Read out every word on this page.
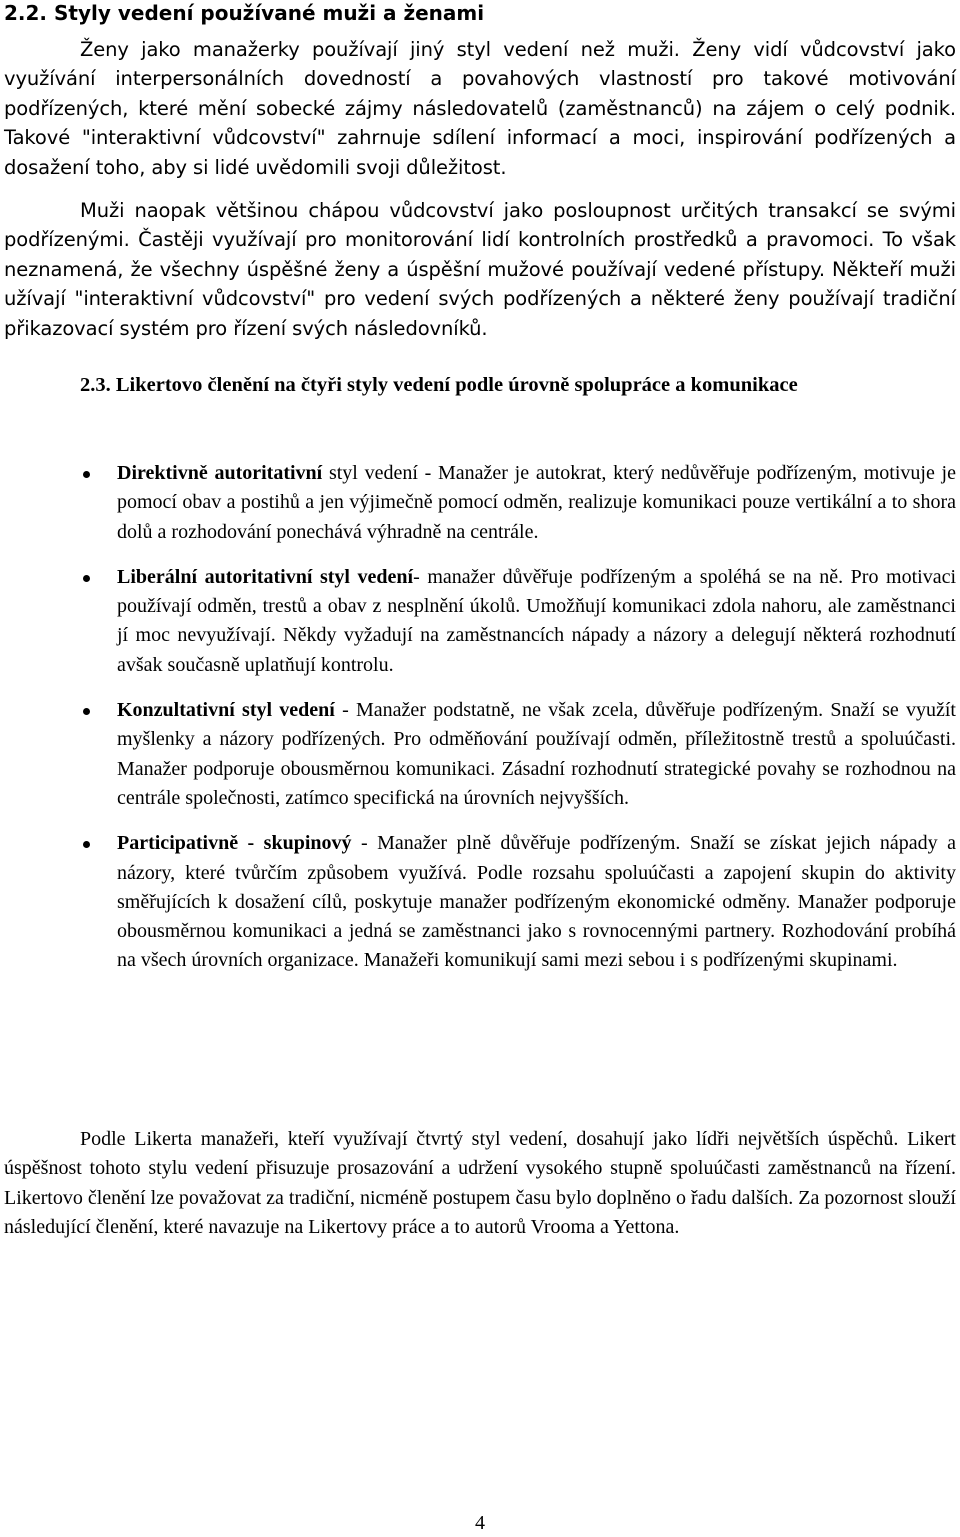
2.2. Styly vedení používané muži a ženami

Ženy jako manažerky používají jiný styl vedení než muži. Ženy vidí vůdcovství jako využívání interpersonálních dovedností a povahových vlastností pro takové motivování podřízených, které mění sobecké zájmy následovatelů (zaměstnanců) na zájem o celý podnik. Takové "interaktivní vůdcovství" zahrnuje sdílení informací a moci, inspirování podřízených a dosažení toho, aby si lidé uvědomili svoji důležitost.

Muži naopak většinou chápou vůdcovství jako posloupnost určitých transakcí se svými podřízenými. Častěji využívají pro monitorování lidí kontrolních prostředků a pravomoci. To však neznamená, že všechny úspěšné ženy a úspěšní mužové používají vedené přístupy. Někteří muži užívají "interaktivní vůdcovství" pro vedení svých podřízených a některé ženy používají tradiční přikazovací systém pro řízení svých následovníků.

2.3. Likertovo členění na čtyři styly vedení podle úrovně spolupráce a komunikace
Direktivně autoritativní styl vedení - Manažer je autokrat, který nedůvěřuje podřízeným, motivuje je pomocí obav a postihů a jen výjimečně pomocí odměn, realizuje komunikaci pouze vertikální a to shora dolů a rozhodování ponechává výhradně na centrále.
Liberální autoritativní styl vedení- manažer důvěřuje podřízeným a spoléhá se na ně. Pro motivaci používají odměn, trestů a obav z nesplnění úkolů. Umožňují komunikaci zdola nahoru, ale zaměstnanci jí moc nevyužívají. Někdy vyžadují na zaměstnancích nápady a názory a delegují některá rozhodnutí avšak současně uplatňují kontrolu.
Konzultativní styl vedení - Manažer podstatně, ne však zcela, důvěřuje podřízeným. Snaží se využít myšlenky a názory podřízených. Pro odměňování používají odměn, příležitostně trestů a spoluúčasti. Manažer podporuje obousměrnou komunikaci. Zásadní rozhodnutí strategické povahy se rozhodnou na centrále společnosti, zatímco specifická na úrovních nejvyšších.
Participativně - skupinový - Manažer plně důvěřuje podřízeným. Snaží se získat jejich nápady a názory, které tvůrčím způsobem využívá. Podle rozsahu spoluúčasti a zapojení skupin do aktivity směřujících k dosažení cílů, poskytuje manažer podřízeným ekonomické odměny. Manažer podporuje obousměrnou komunikaci a jedná se zaměstnanci jako s rovnocennými partnery. Rozhodování probíhá na všech úrovních organizace. Manažeři komunikují sami mezi sebou i s podřízenými skupinami.

Podle Likerta manažeři, kteří využívají čtvrtý styl vedení, dosahují jako lídři největších úspěchů. Likert úspěšnost tohoto stylu vedení přisuzuje prosazování a udržení vysokého stupně spoluúčasti zaměstnanců na řízení. Likertovo členění lze považovat za tradiční, nicméně postupem času bylo doplněno o řadu dalších. Za pozornost slouží následující členění, které navazuje na Likertovy práce a to autorů Vrooma a Yettona.

4
